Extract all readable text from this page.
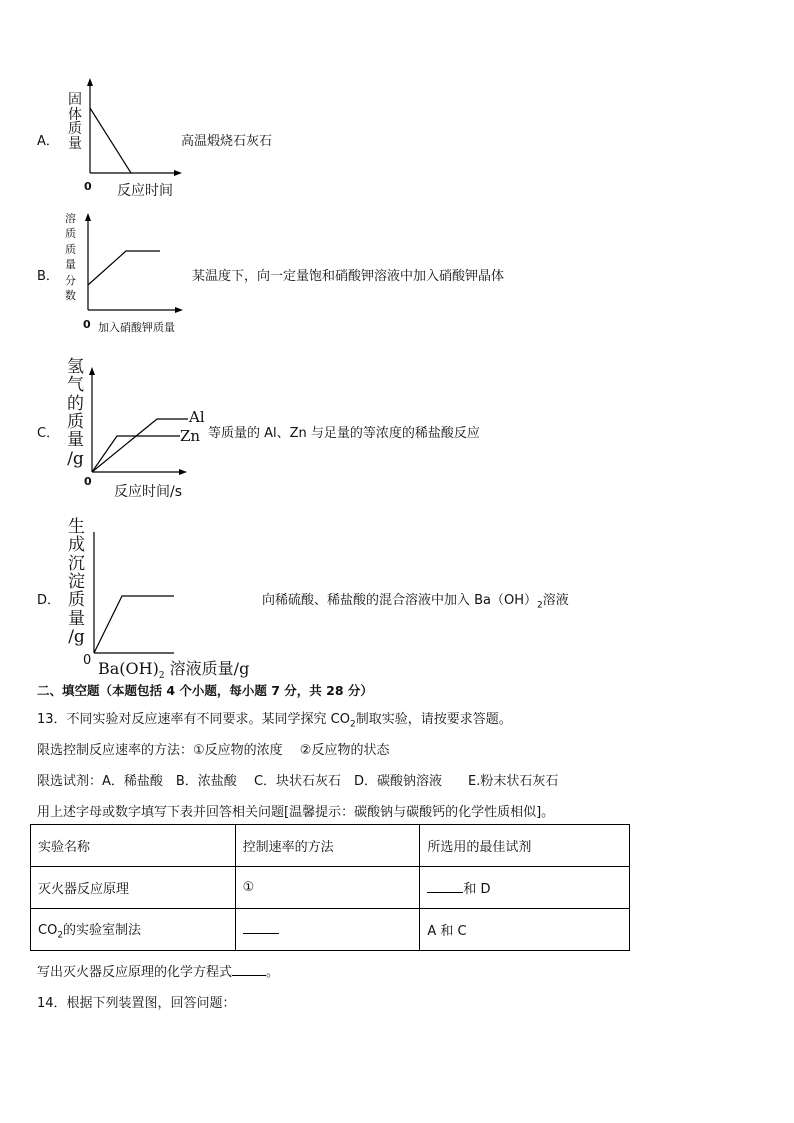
A．
固
体
质
量
0 反应时间
高温煅烧石灰石
B．
溶
质
质
量
分
数
0 加入硝酸钾质量
某温度下，向一定量饱和硝酸钾溶液中加入硝酸钾晶体
C．
氢
气
的
质
量
/g
Al
Zn
0
反应时间/s
等质量的 Al、Zn 与足量的等浓度的稀盐酸反应
D．
生
成
沉
淀
质
量
/g
0 $Ba(OH)_2$ 溶液质量/g
向稀硫酸、稀盐酸的混合溶液中加入 $Ba(OH)_2$溶液
二、填空题（本题包括 4 个小题，每小题 7 分，共 28 分）
13．不同实验对反应速率有不同要求。某同学探究 $CO_2$制取实验，请按要求答题。
限选控制反应速率的方法：①反应物的浓度　 ②反应物的状态
限选试剂：A．稀盐酸　B．浓盐酸　 C．块状石灰石　D．碳酸钠溶液　　E.粉末状石灰石
用上述字母或数字填写下表并回答相关问题[温馨提示：碳酸钠与碳酸钙的化学性质相似]。
实验名称	控制速率的方法	所选用的最佳试剂
灭火器反应原理	①	和 D
$CO_2$的实验室制法		A 和 C
写出灭火器反应原理的化学方程式	。
14．根据下列装置图，回答问题：
